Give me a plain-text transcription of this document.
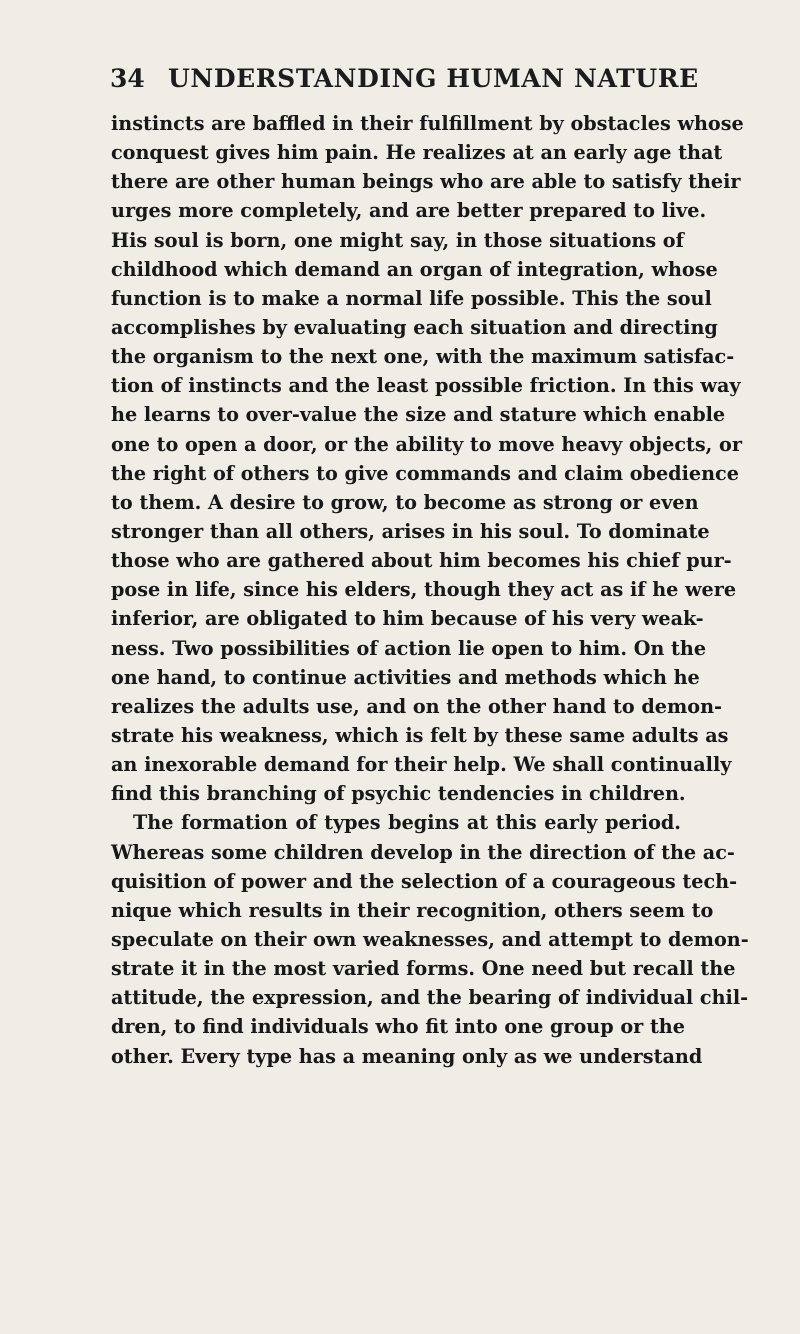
34 UNDERSTANDING HUMAN NATURE
instincts are baffled in their fulfillment by obstacles whose
conquest gives him pain. He realizes at an early age that
there are other human beings who are able to satisfy their
urges more completely, and are better prepared to live.
His soul is born, one might say, in those situations of
childhood which demand an organ of integration, whose
function is to make a normal life possible. This the soul
accomplishes by evaluating each situation and directing
the organism to the next one, with the maximum satisfac-
tion of instincts and the least possible friction. In this way
he learns to over-value the size and stature which enable
one to open a door, or the ability to move heavy objects, or
the right of others to give commands and claim obedience
to them. A desire to grow, to become as strong or even
stronger than all others, arises in his soul. To dominate
those who are gathered about him becomes his chief pur-
pose in life, since his elders, though they act as if he were
inferior, are obligated to him because of his very weak-
ness. Two possibilities of action lie open to him. On the
one hand, to continue activities and methods which he
realizes the adults use, and on the other hand to demon-
strate his weakness, which is felt by these same adults as
an inexorable demand for their help. We shall continually
find this branching of psychic tendencies in children.
The formation of types begins at this early period.
Whereas some children develop in the direction of the ac-
quisition of power and the selection of a courageous tech-
nique which results in their recognition, others seem to
speculate on their own weaknesses, and attempt to demon-
strate it in the most varied forms. One need but recall the
attitude, the expression, and the bearing of individual chil-
dren, to find individuals who fit into one group or the
other. Every type has a meaning only as we understand
